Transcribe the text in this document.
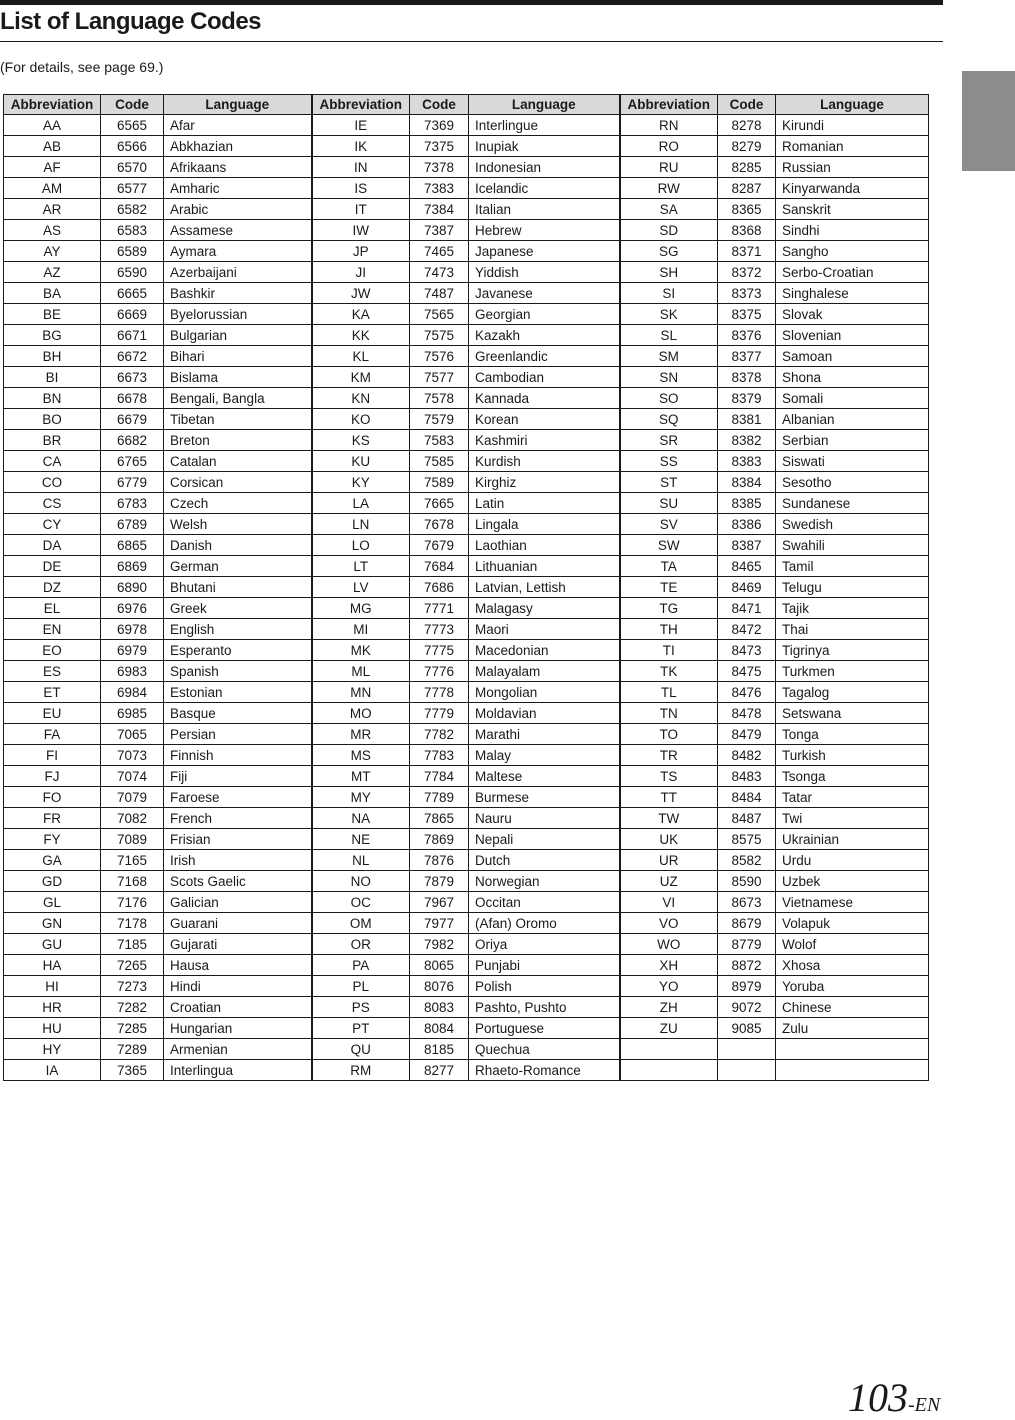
List of Language Codes
(For details, see page 69.)
Abbreviation	Code	Language	Abbreviation	Code	Language	Abbreviation	Code	Language
AA	6565	Afar	IE	7369	Interlingue	RN	8278	Kirundi
AB	6566	Abkhazian	IK	7375	Inupiak	RO	8279	Romanian
AF	6570	Afrikaans	IN	7378	Indonesian	RU	8285	Russian
AM	6577	Amharic	IS	7383	Icelandic	RW	8287	Kinyarwanda
AR	6582	Arabic	IT	7384	Italian	SA	8365	Sanskrit
AS	6583	Assamese	IW	7387	Hebrew	SD	8368	Sindhi
AY	6589	Aymara	JP	7465	Japanese	SG	8371	Sangho
AZ	6590	Azerbaijani	JI	7473	Yiddish	SH	8372	Serbo-Croatian
BA	6665	Bashkir	JW	7487	Javanese	SI	8373	Singhalese
BE	6669	Byelorussian	KA	7565	Georgian	SK	8375	Slovak
BG	6671	Bulgarian	KK	7575	Kazakh	SL	8376	Slovenian
BH	6672	Bihari	KL	7576	Greenlandic	SM	8377	Samoan
BI	6673	Bislama	KM	7577	Cambodian	SN	8378	Shona
BN	6678	Bengali, Bangla	KN	7578	Kannada	SO	8379	Somali
BO	6679	Tibetan	KO	7579	Korean	SQ	8381	Albanian
BR	6682	Breton	KS	7583	Kashmiri	SR	8382	Serbian
CA	6765	Catalan	KU	7585	Kurdish	SS	8383	Siswati
CO	6779	Corsican	KY	7589	Kirghiz	ST	8384	Sesotho
CS	6783	Czech	LA	7665	Latin	SU	8385	Sundanese
CY	6789	Welsh	LN	7678	Lingala	SV	8386	Swedish
DA	6865	Danish	LO	7679	Laothian	SW	8387	Swahili
DE	6869	German	LT	7684	Lithuanian	TA	8465	Tamil
DZ	6890	Bhutani	LV	7686	Latvian, Lettish	TE	8469	Telugu
EL	6976	Greek	MG	7771	Malagasy	TG	8471	Tajik
EN	6978	English	MI	7773	Maori	TH	8472	Thai
EO	6979	Esperanto	MK	7775	Macedonian	TI	8473	Tigrinya
ES	6983	Spanish	ML	7776	Malayalam	TK	8475	Turkmen
ET	6984	Estonian	MN	7778	Mongolian	TL	8476	Tagalog
EU	6985	Basque	MO	7779	Moldavian	TN	8478	Setswana
FA	7065	Persian	MR	7782	Marathi	TO	8479	Tonga
FI	7073	Finnish	MS	7783	Malay	TR	8482	Turkish
FJ	7074	Fiji	MT	7784	Maltese	TS	8483	Tsonga
FO	7079	Faroese	MY	7789	Burmese	TT	8484	Tatar
FR	7082	French	NA	7865	Nauru	TW	8487	Twi
FY	7089	Frisian	NE	7869	Nepali	UK	8575	Ukrainian
GA	7165	Irish	NL	7876	Dutch	UR	8582	Urdu
GD	7168	Scots Gaelic	NO	7879	Norwegian	UZ	8590	Uzbek
GL	7176	Galician	OC	7967	Occitan	VI	8673	Vietnamese
GN	7178	Guarani	OM	7977	(Afan) Oromo	VO	8679	Volapuk
GU	7185	Gujarati	OR	7982	Oriya	WO	8779	Wolof
HA	7265	Hausa	PA	8065	Punjabi	XH	8872	Xhosa
HI	7273	Hindi	PL	8076	Polish	YO	8979	Yoruba
HR	7282	Croatian	PS	8083	Pashto, Pushto	ZH	9072	Chinese
HU	7285	Hungarian	PT	8084	Portuguese	ZU	9085	Zulu
HY	7289	Armenian	QU	8185	Quechua			
IA	7365	Interlingua	RM	8277	Rhaeto-Romance			
103-EN
